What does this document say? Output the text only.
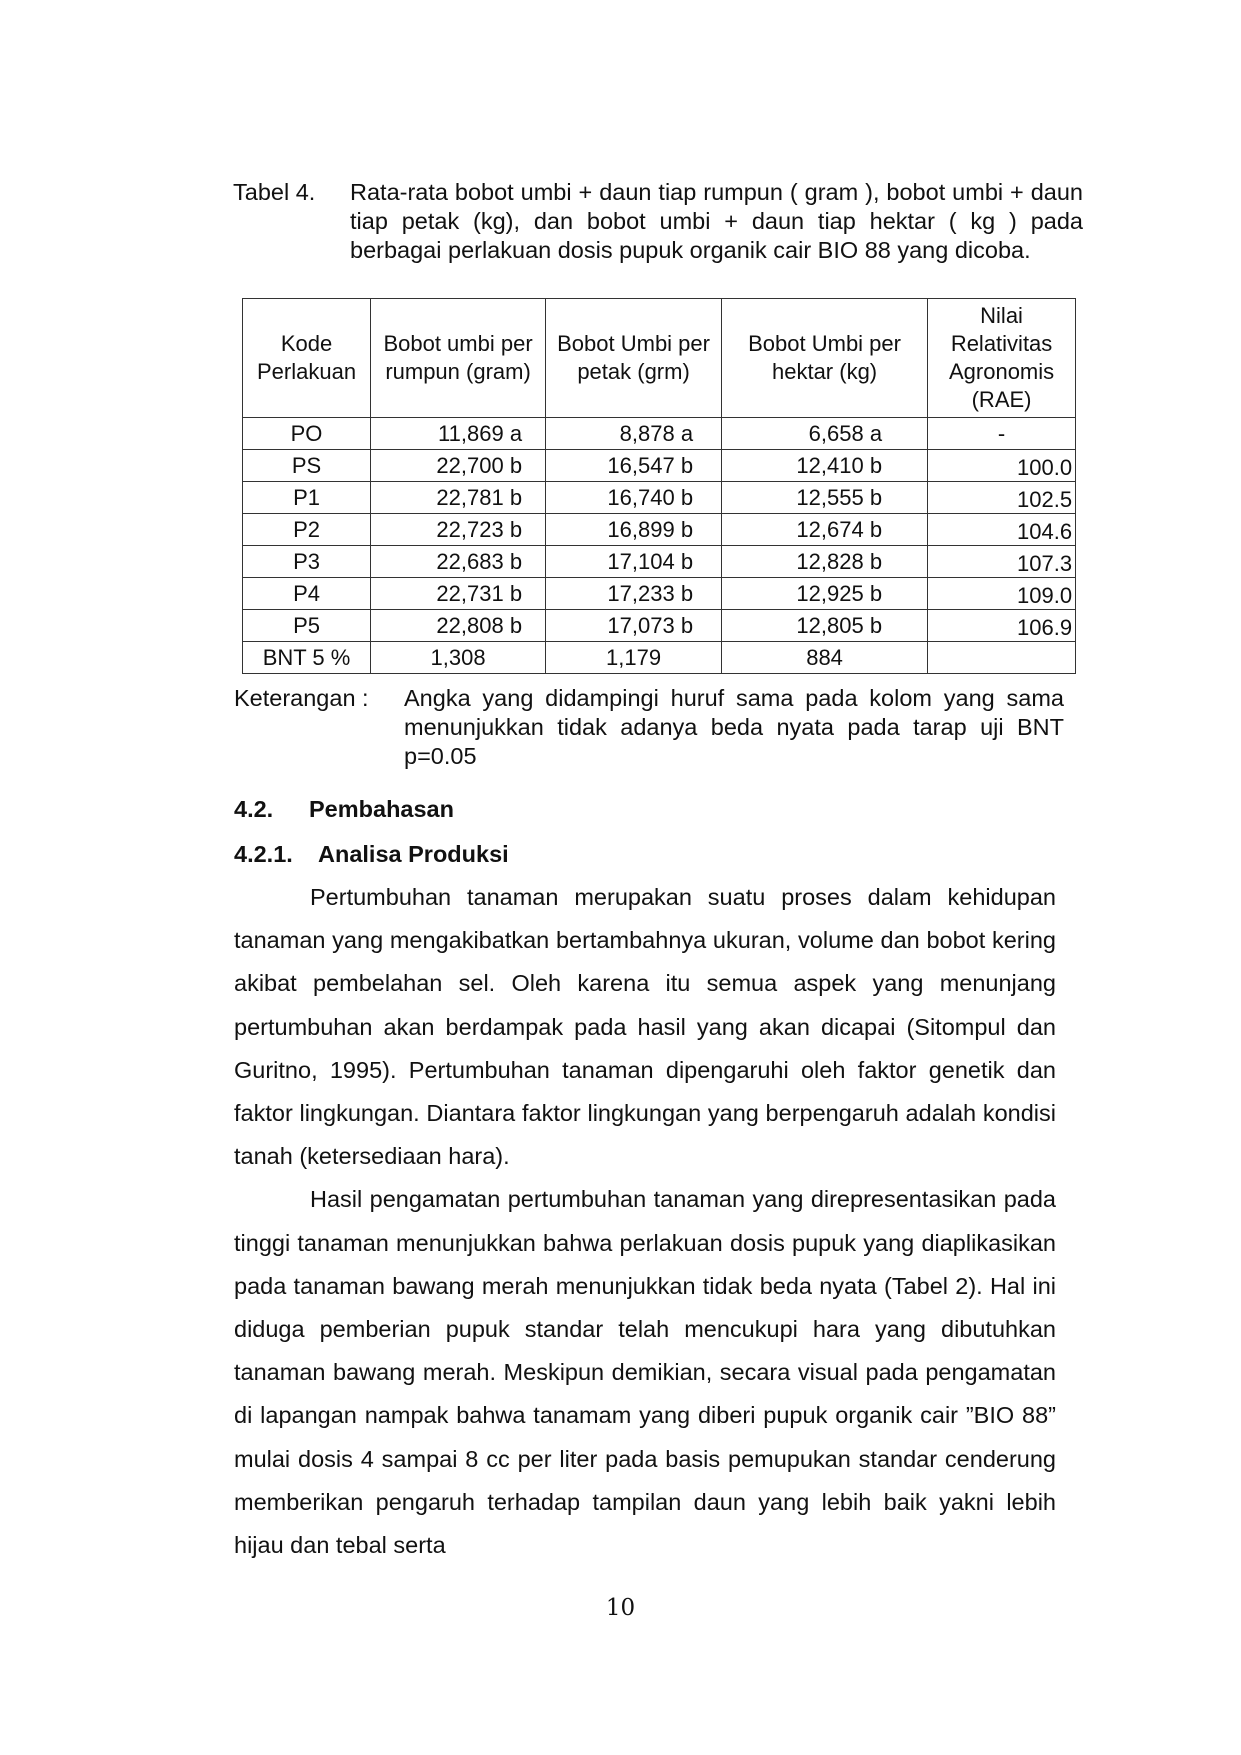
Tabel 4.	Rata-rata bobot umbi + daun tiap rumpun ( gram ), bobot umbi + daun tiap petak (kg), dan bobot umbi + daun tiap hektar ( kg ) pada berbagai perlakuan dosis pupuk organik cair BIO 88 yang dicoba.
Kode Perlakuan	Bobot umbi per rumpun (gram)	Bobot Umbi per petak (grm)	Bobot Umbi per hektar (kg)	Nilai Relativitas Agronomis (RAE)
PO	11,869 a	8,878 a	6,658 a	-
PS	22,700 b	16,547 b	12,410 b	100.0
P1	22,781 b	16,740 b	12,555 b	102.5
P2	22,723 b	16,899 b	12,674 b	104.6
P3	22,683 b	17,104 b	12,828 b	107.3
P4	22,731 b	17,233 b	12,925 b	109.0
P5	22,808 b	17,073 b	12,805 b	106.9
BNT 5 %	1,308	1,179	884	
Keterangan : Angka yang didampingi huruf sama pada kolom yang sama menunjukkan tidak adanya beda nyata pada tarap uji BNT p=0.05
4.2. Pembahasan
4.2.1. Analisa Produksi

Pertumbuhan tanaman merupakan suatu proses dalam kehidupan tanaman yang mengakibatkan bertambahnya ukuran, volume dan bobot kering akibat pembelahan sel. Oleh karena itu semua aspek yang menunjang pertumbuhan akan berdampak pada hasil yang akan dicapai (Sitompul dan Guritno, 1995). Pertumbuhan tanaman dipengaruhi oleh faktor genetik dan faktor lingkungan. Diantara faktor lingkungan yang berpengaruh adalah kondisi tanah (ketersediaan hara).

Hasil pengamatan pertumbuhan tanaman yang direpresentasikan pada tinggi tanaman menunjukkan bahwa perlakuan dosis pupuk yang diaplikasikan pada tanaman bawang merah menunjukkan tidak beda nyata (Tabel 2). Hal ini diduga pemberian pupuk standar telah mencukupi hara yang dibutuhkan tanaman bawang merah. Meskipun demikian, secara visual pada pengamatan di lapangan nampak bahwa tanamam yang diberi pupuk organik cair ”BIO 88” mulai dosis 4 sampai 8 cc per liter pada basis pemupukan standar cenderung memberikan pengaruh terhadap tampilan daun yang lebih baik yakni lebih hijau dan tebal serta

10
